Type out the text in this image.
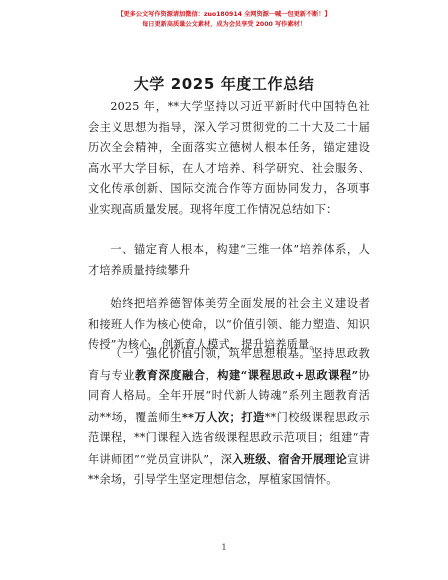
【更多公文写作资源请加微信：zuo180914 全网资源一喊一包更新不断！】
每日更新高质量公文素材，成为会员享受 2000 写作素材！
大学 2025 年度工作总结

2025 年，**大学坚持以习近平新时代中国特色社会主义思想为指导，深入学习贯彻党的二十大及二十届历次全会精神，全面落实立德树人根本任务，锚定建设高水平大学目标，在人才培养、科学研究、社会服务、文化传承创新、国际交流合作等方面协同发力，各项事业实现高质量发展。现将年度工作情况总结如下：

一、锚定育人根本，构建“三维一体”培养体系，人才培养质量持续攀升

始终把培养德智体美劳全面发展的社会主义建设者和接班人作为核心使命，以“价值引领、能力塑造、知识传授”为核心，创新育人模式，提升培养质量。

（一）强化价值引领，筑牢思想根基。坚持思政教育与专业教育深度融合，构建“课程思政+思政课程”协同育人格局。全年开展“时代新人铸魂”系列主题教育活动**场，覆盖师生**万人次；打造**门校级课程思政示范课程，**门课程入选省级课程思政示范项目；组建“青年讲师团”“党员宣讲队”，深入班级、宿舍开展理论宣讲**余场，引导学生坚定理想信念，厚植家国情怀。

1
